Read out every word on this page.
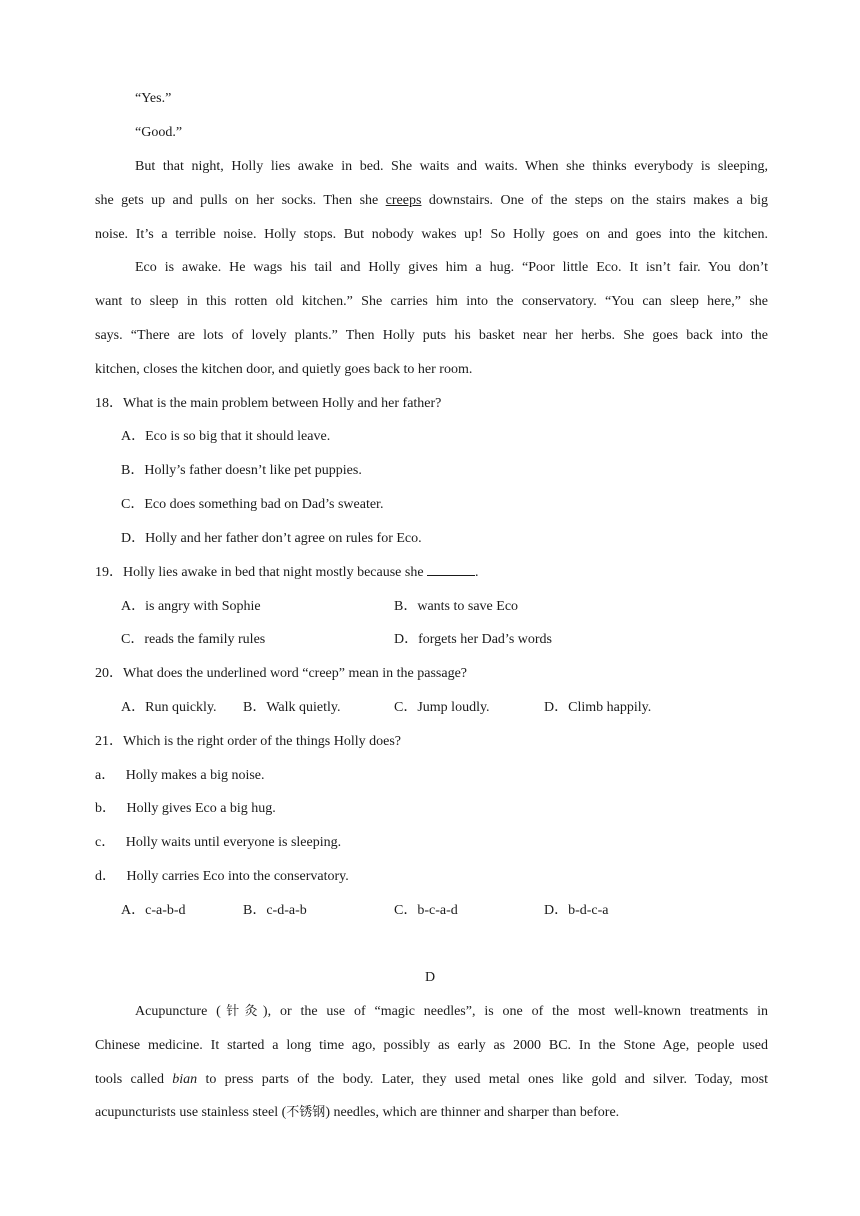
“Yes.”
“Good.”
But that night, Holly lies awake in bed. She waits and waits. When she thinks everybody is sleeping,
she gets up and pulls on her socks. Then she creeps downstairs. One of the steps on the stairs makes a big
noise. It’s a terrible noise. Holly stops. But nobody wakes up! So Holly goes on and goes into the kitchen.
Eco is awake. He wags his tail and Holly gives him a hug. “Poor little Eco. It isn’t fair. You don’t
want to sleep in this rotten old kitchen.” She carries him into the conservatory. “You can sleep here,” she
says. “There are lots of lovely plants.” Then Holly puts his basket near her herbs. She goes back into the
kitchen, closes the kitchen door, and quietly goes back to her room.
18．What is the main problem between Holly and her father?
A．Eco is so big that it should leave.
B．Holly’s father doesn’t like pet puppies.
C．Eco does something bad on Dad’s sweater.
D．Holly and her father don’t agree on rules for Eco.
19．Holly lies awake in bed that night mostly because she	.
A．is angry with Sophie	B．wants to save Eco
C．reads the family rules	D．forgets her Dad’s words
20．What does the underlined word “creep” mean in the passage?
A．Run quickly. B．Walk quietly.	C．Jump loudly.	D．Climb happily.
21．Which is the right order of the things Holly does?
a．   Holly makes a big noise.
b．   Holly gives Eco a big hug.
c．   Holly waits until everyone is sleeping.
d．   Holly carries Eco into the conservatory.
A．c-a-b-d	B．c-d-a-b	C．b-c-a-d	D．b-d-c-a
D
Acupuncture (针灸), or the use of “magic needles”, is one of the most well-known treatments in
Chinese medicine. It started a long time ago, possibly as early as 2000 BC. In the Stone Age, people used
tools called bian to press parts of the body. Later, they used metal ones like gold and silver. Today, most
acupuncturists use stainless steel (不锈钢) needles, which are thinner and sharper than before.
